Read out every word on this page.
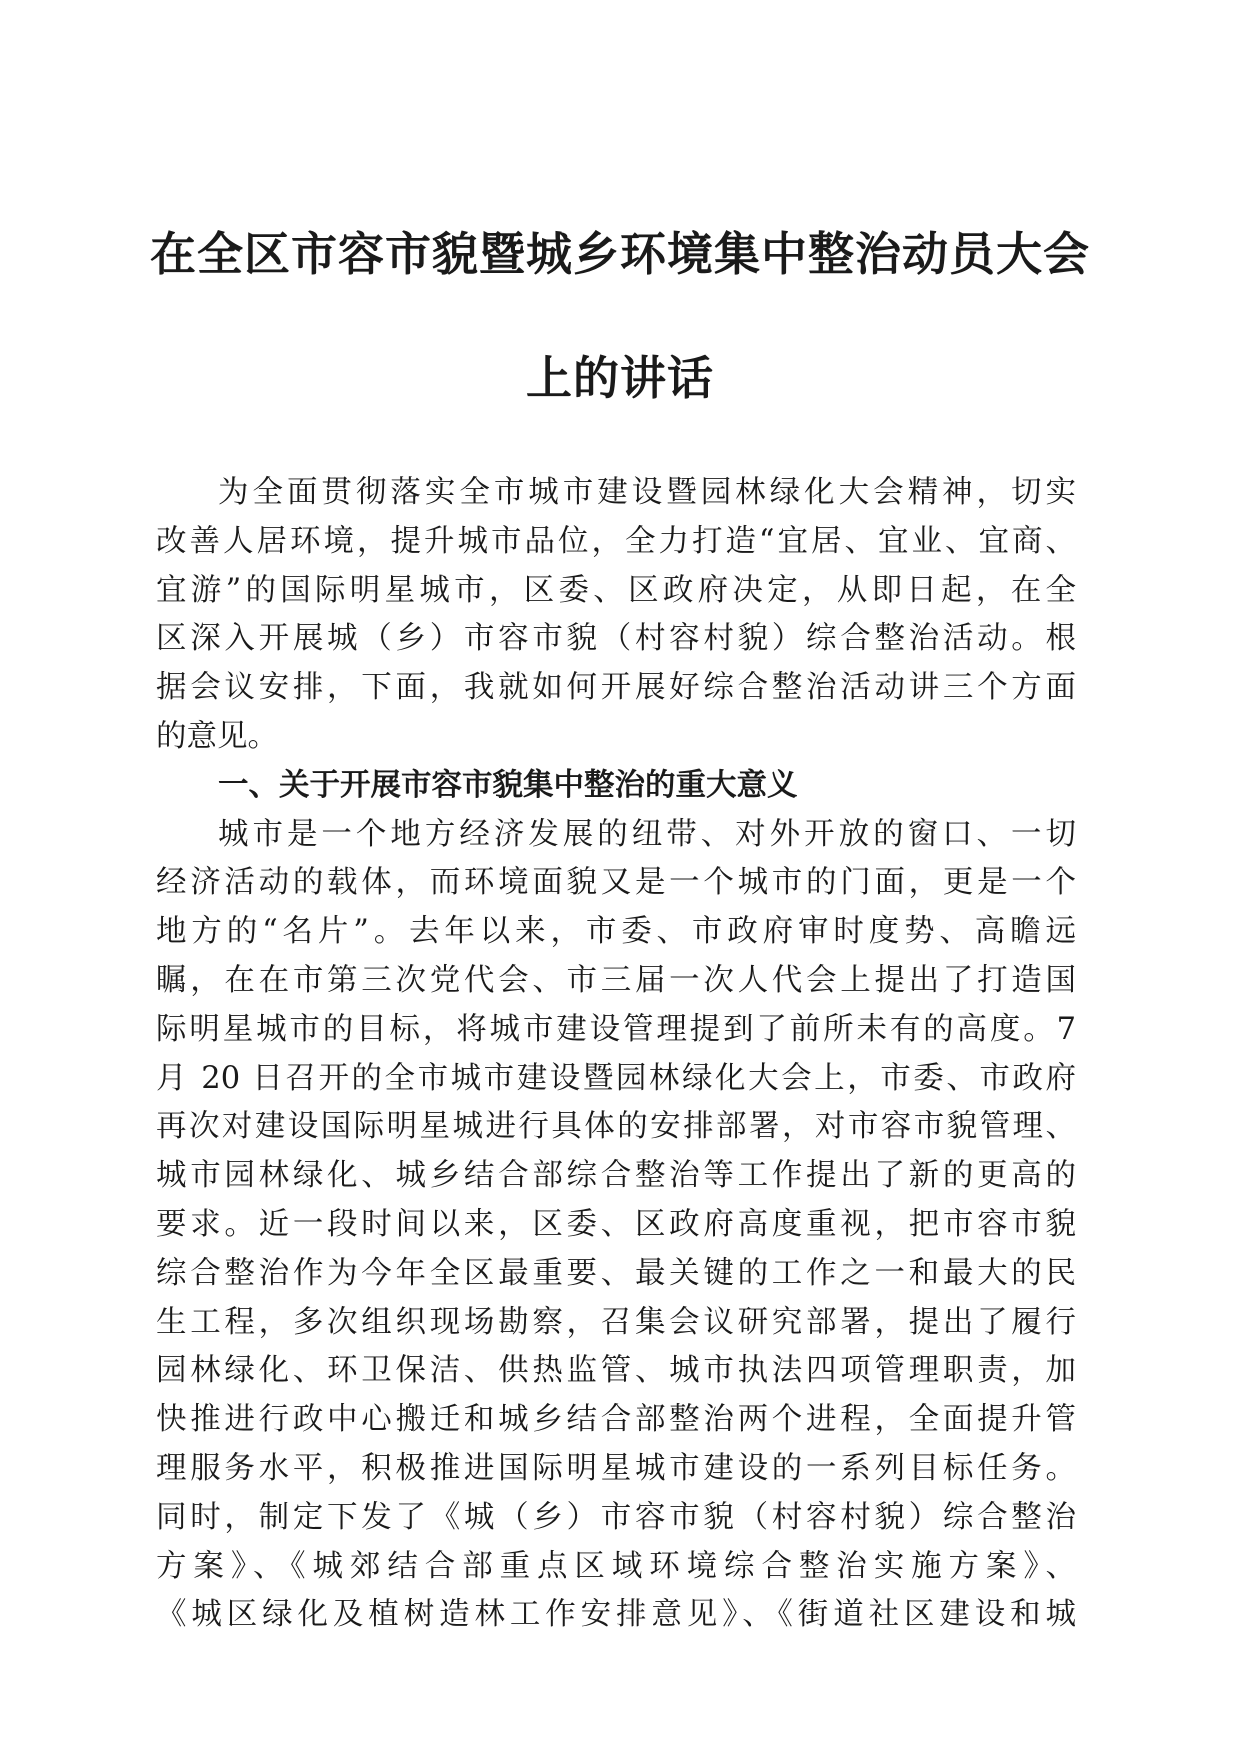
在全区市容市貌暨城乡环境集中整治动员大会
上的讲话
为全面贯彻落实全市城市建设暨园林绿化大会精神，切实
改善人居环境，提升城市品位，全力打造“宜居、宜业、宜商、
宜游”的国际明星城市，区委、区政府决定，从即日起，在全
区深入开展城（乡）市容市貌（村容村貌）综合整治活动。根
据会议安排，下面，我就如何开展好综合整治活动讲三个方面
的意见。
一、关于开展市容市貌集中整治的重大意义
城市是一个地方经济发展的纽带、对外开放的窗口、一切
经济活动的载体，而环境面貌又是一个城市的门面，更是一个
地方的“名片”。去年以来，市委、市政府审时度势、高瞻远
瞩，在在市第三次党代会、市三届一次人代会上提出了打造国
际明星城市的目标，将城市建设管理提到了前所未有的高度。7
月 20 日召开的全市城市建设暨园林绿化大会上，市委、市政府
再次对建设国际明星城进行具体的安排部署，对市容市貌管理、
城市园林绿化、城乡结合部综合整治等工作提出了新的更高的
要求。近一段时间以来，区委、区政府高度重视，把市容市貌
综合整治作为今年全区最重要、最关键的工作之一和最大的民
生工程，多次组织现场勘察，召集会议研究部署，提出了履行
园林绿化、环卫保洁、供热监管、城市执法四项管理职责，加
快推进行政中心搬迁和城乡结合部整治两个进程，全面提升管
理服务水平，积极推进国际明星城市建设的一系列目标任务。
同时，制定下发了《城（乡）市容市貌（村容村貌）综合整治
方案》、《城郊结合部重点区域环境综合整治实施方案》、
《城区绿化及植树造林工作安排意见》、《街道社区建设和城
